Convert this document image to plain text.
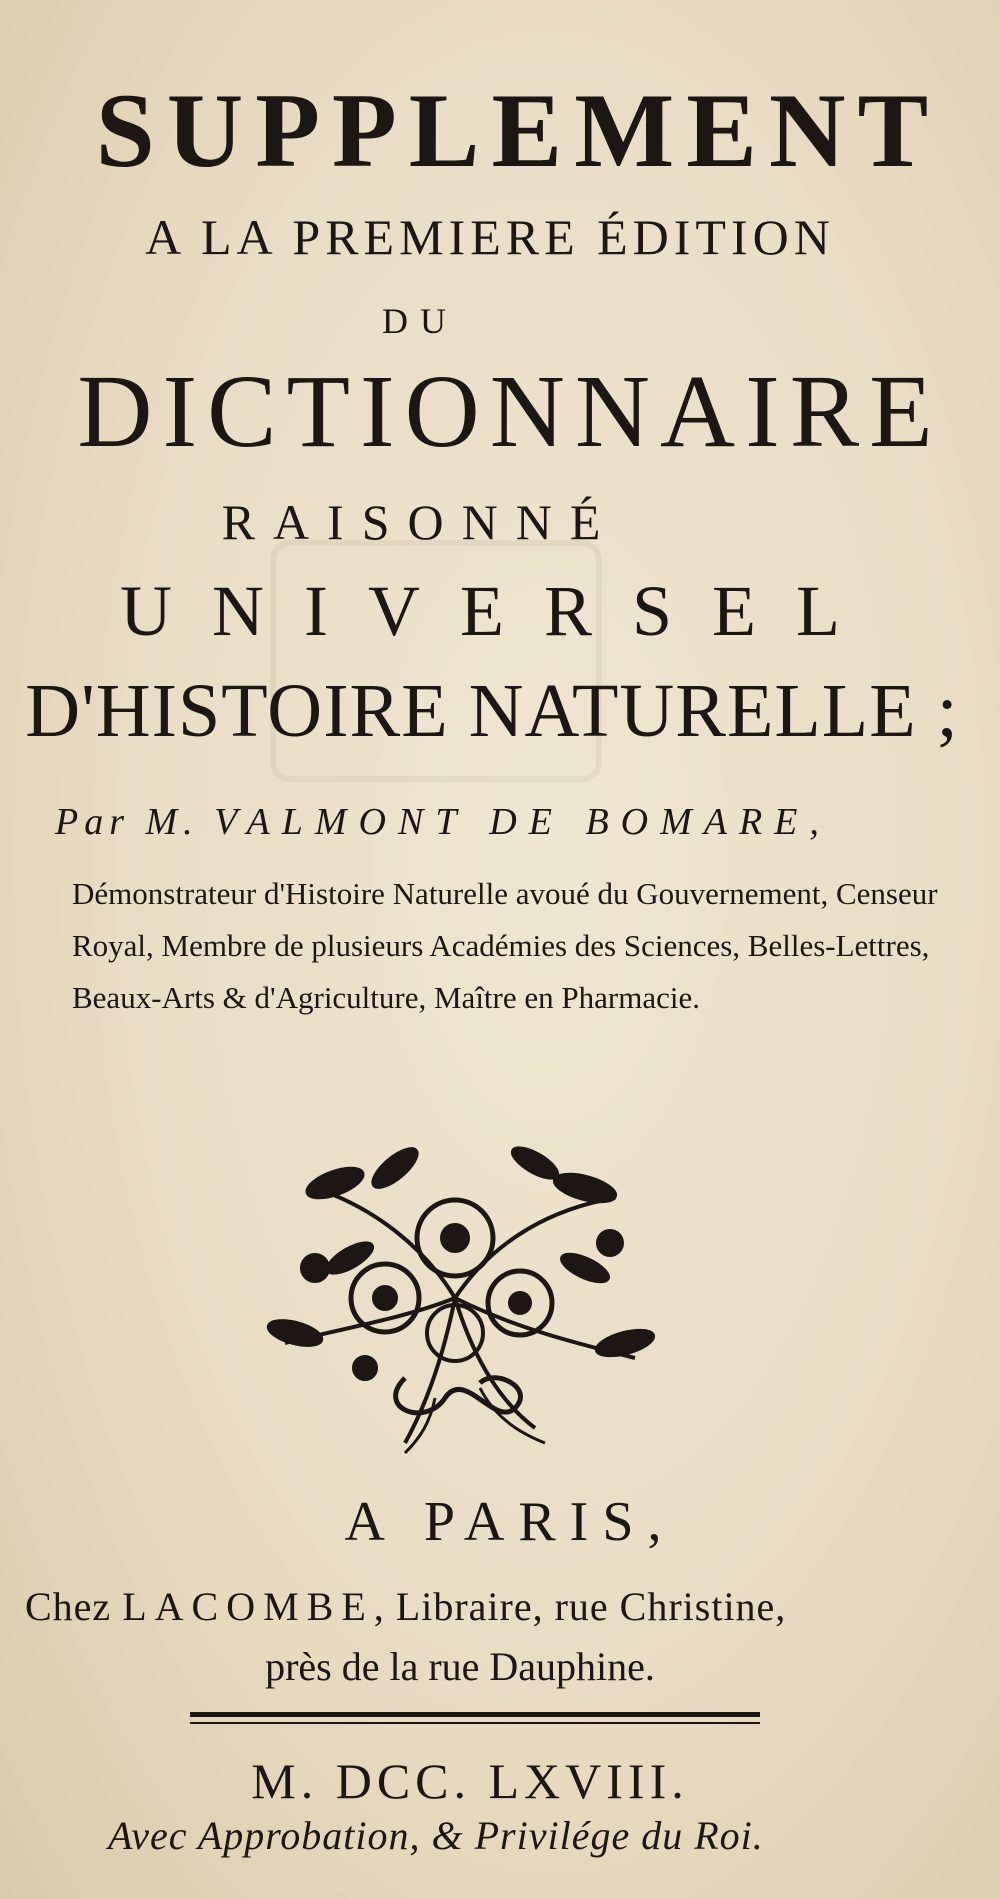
SUPPLEMENT
A LA PREMIERE ÉDITION
DU
DICTIONNAIRE
RAISONNÉ
UNIVERSEL
D'HISTOIRE NATURELLE ;
Par M. VALMONT DE BOMARE,
Démonstrateur d'Histoire Naturelle avoué du Gouvernement, Censeur Royal, Membre de plusieurs Académies des Sciences, Belles-Lettres, Beaux-Arts & d'Agriculture, Maître en Pharmacie.
A PARIS,
Chez LACOMBE, Libraire, rue Christine,
près de la rue Dauphine.
M. DCC. LXVIII.
Avec Approbation, & Privilége du Roi.
